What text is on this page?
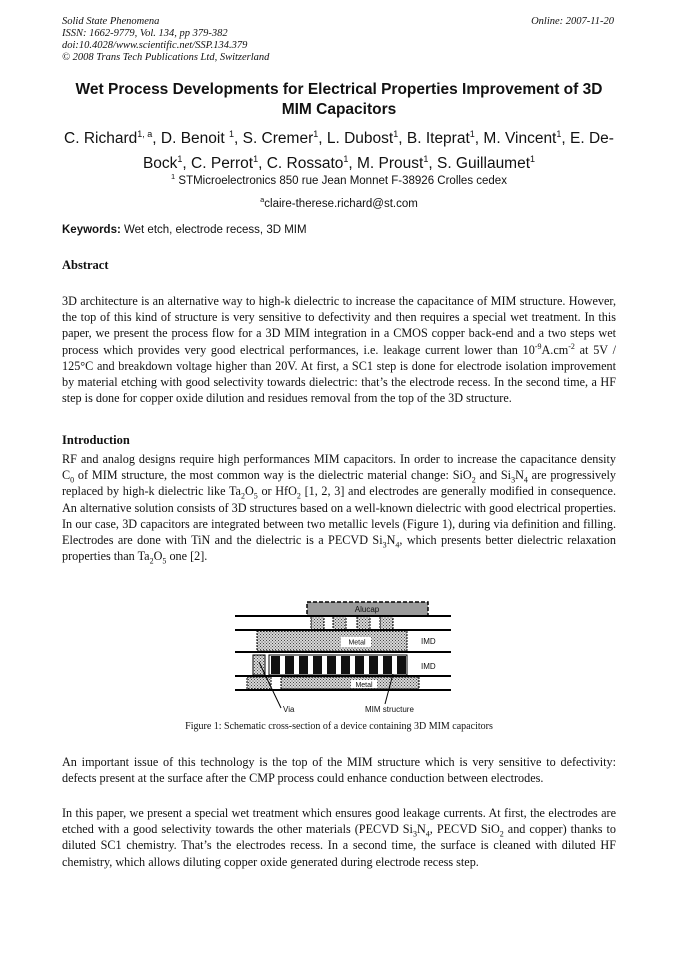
Solid State Phenomena
ISSN: 1662-9779, Vol. 134, pp 379-382
doi:10.4028/www.scientific.net/SSP.134.379
© 2008 Trans Tech Publications Ltd, Switzerland
Online: 2007-11-20
Wet Process Developments for Electrical Properties Improvement of 3D MIM Capacitors
C. Richard$^{1, a}$, D. Benoit $^1$, S. Cremer$^1$, L. Dubost$^1$, B. Iteprat$^1$, M. Vincent$^1$, E. De-Bock$^1$, C. Perrot$^1$, C. Rossato$^1$, M. Proust$^1$, S. Guillaumet$^1$
$^1$ STMicroelectronics 850 rue Jean Monnet F-38926 Crolles cedex
$^a$claire-therese.richard@st.com
Keywords: Wet etch, electrode recess, 3D MIM
Abstract
3D architecture is an alternative way to high-k dielectric to increase the capacitance of MIM structure. However, the top of this kind of structure is very sensitive to defectivity and then requires a special wet treatment. In this paper, we present the process flow for a 3D MIM integration in a CMOS copper back-end and a two steps wet process which provides very good electrical performances, i.e. leakage current lower than $10^{-9}A.cm^{-2}$ at 5V / 125°C and breakdown voltage higher than 20V. At first, a SC1 step is done for electrode isolation improvement by material etching with good selectivity towards dielectric: that’s the electrode recess. In the second time, a HF step is done for copper oxide dilution and residues removal from the top of the 3D structure.
Introduction
RF and analog designs require high performances MIM capacitors. In order to increase the capacitance density $C_0$ of MIM structure, the most common way is the dielectric material change: SiO$_2$ and $Si_3N_4$ are progressively replaced by high-k dielectric like $Ta_2O_5$ or HfO$_2$ [1, 2, 3] and electrodes are generally modified in consequence. An alternative solution consists of 3D structures based on a well-known dielectric with good electrical properties. In our case, 3D capacitors are integrated between two metallic levels (Figure 1), during via definition and filling. Electrodes are done with TiN and the dielectric is a PECVD $Si_3N_4$, which presents better dielectric relaxation properties than $Ta_2O_5$ one [2].
Alucap
Metal	IMD
IMD
Metal
Via	MIM structure
Figure 1: Schematic cross-section of a device containing 3D MIM capacitors
An important issue of this technology is the top of the MIM structure which is very sensitive to defectivity: defects present at the surface after the CMP process could enhance conduction between electrodes.
In this paper, we present a special wet treatment which ensures good leakage currents. At first, the electrodes are etched with a good selectivity towards the other materials (PECVD $Si_3N_4$, PECVD SiO$_2$ and copper) thanks to diluted SC1 chemistry. That’s the electrodes recess. In a second time, the surface is cleaned with diluted HF chemistry, which allows diluting copper oxide generated during electrode recess step.
